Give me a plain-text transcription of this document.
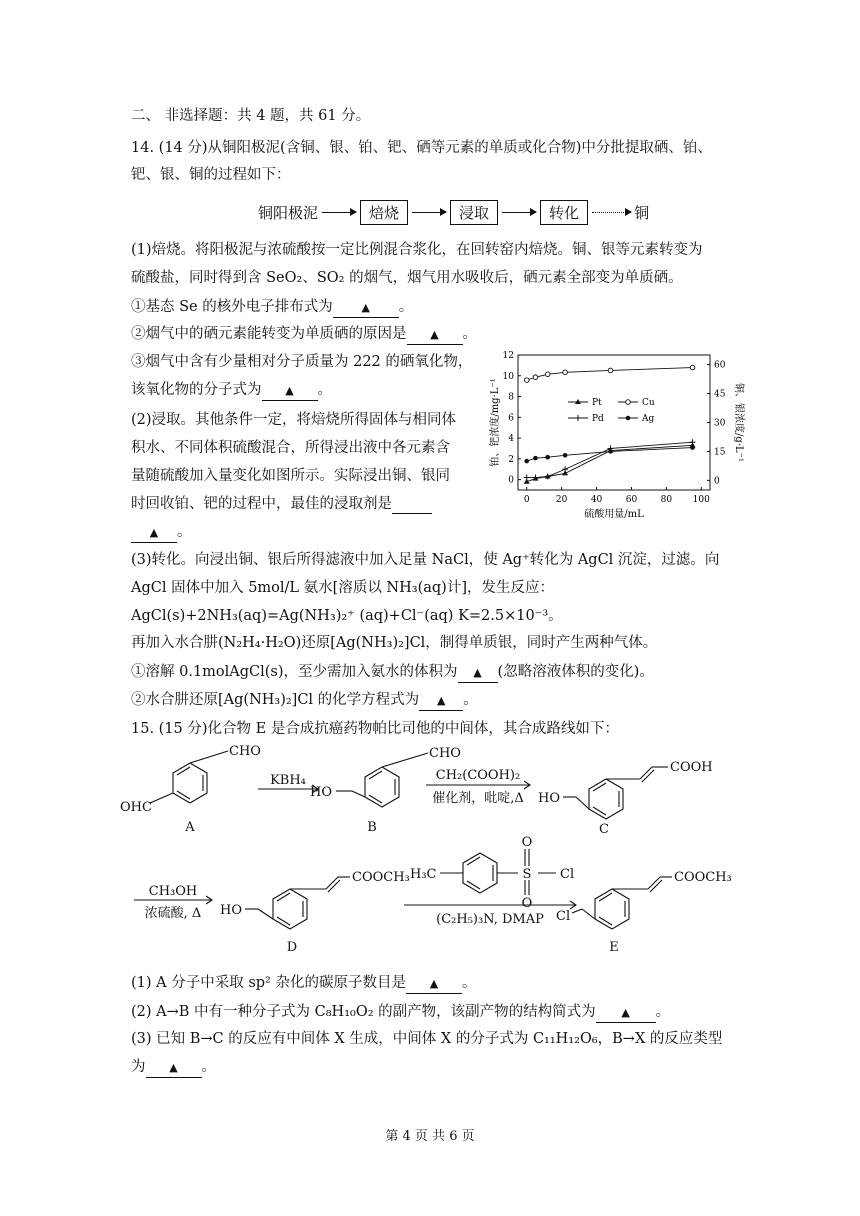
二、 非选择题：共 4 题，共 61 分。
14. (14 分)从铜阳极泥(含铜、银、铂、钯、硒等元素的单质或化合物)中分批提取硒、铂、
钯、银、铜的过程如下：
铜阳极泥	焙烧	浸取	转化	铜
(1)焙烧。将阳极泥与浓硫酸按一定比例混合浆化，在回转窑内焙烧。铜、银等元素转变为
硫酸盐，同时得到含 SeO₂、SO₂ 的烟气，烟气用水吸收后，硒元素全部变为单质硒。
①基态 Se 的核外电子排布式为	▲ 。
②烟气中的硒元素能转变为单质硒的原因是 ▲ 。
③烟气中含有少量相对分子质量为 222 的硒氧化物，
该氧化物的分子式为 ▲ 。
(2)浸取。其他条件一定，将焙烧所得固体与相同体
积水、不同体积硫酸混合，所得浸出液中各元素含
量随硫酸加入量变化如图所示。实际浸出铜、银同
时回收铂、钯的过程中，最佳的浸取剂是
▲ 。
0	20	40	60	80 100
0
2
4
6
8
10
12
0
15
30
45
60
硫酸用量/mL
铂、钯浓度/mg·L⁻¹	铜、银浓度/g·L⁻¹
Pt
Pd
Cu
Ag
(3)转化。向浸出铜、银后所得滤液中加入足量 NaCl，使 Ag⁺转化为 AgCl 沉淀，过滤。向
AgCl 固体中加入 5mol/L 氨水[溶质以 NH₃(aq)计]，发生反应：
AgCl(s)+2NH₃(aq)=Ag(NH₃)₂⁺ (aq)+Cl⁻(aq) K=2.5×10⁻³。
再加入水合肼(N₂H₄·H₂O)还原[Ag(NH₃)₂]Cl，制得单质银，同时产生两种气体。
①溶解 0.1molAgCl(s)，至少需加入氨水的体积为 ▲ (忽略溶液体积的变化)。
②水合肼还原[Ag(NH₃)₂]Cl 的化学方程式为 ▲ 。
15. (15 分)化合物 E 是合成抗癌药物帕比司他的中间体，其合成路线如下：
CHO
OHC
A
KBH₄
HO
CHO
B
CH₂(COOH)₂
催化剂，吡啶,Δ HO
COOH
C
CH₃OH
浓硫酸, Δ HO
COOCH₃
D
H₃C	S
O
O
Cl
(C₂H₅)₃N, DMAP Cl
COOCH₃
E
(1) A 分子中采取 sp² 杂化的碳原子数目是 ▲ 。
(2) A→B 中有一种分子式为 C₈H₁₀O₂ 的副产物，该副产物的结构简式为 ▲ 。
(3) 已知 B→C 的反应有中间体 X 生成，中间体 X 的分子式为 C₁₁H₁₂O₆，B→X 的反应类型
为 ▲ 。
第 4 页 共 6 页
